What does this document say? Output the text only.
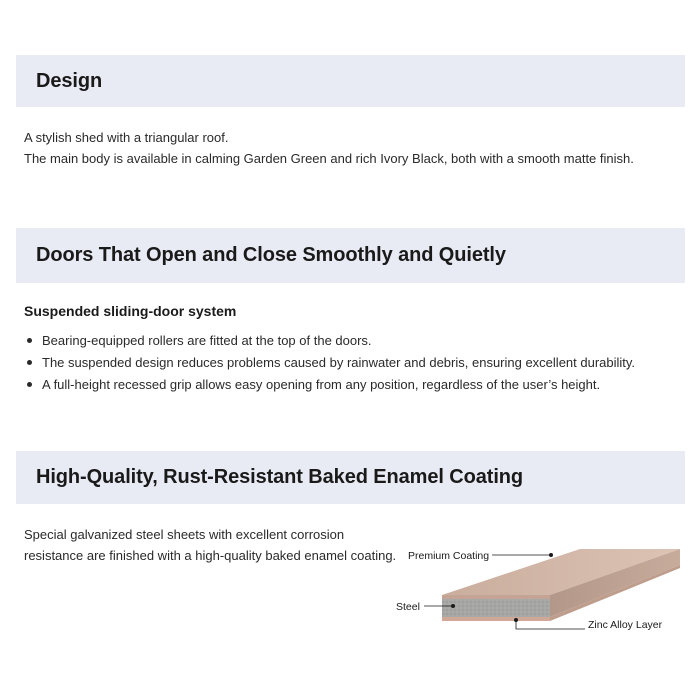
Design
A stylish shed with a triangular roof.
The main body is available in calming Garden Green and rich Ivory Black, both with a smooth matte finish.
Doors That Open and Close Smoothly and Quietly
Suspended sliding-door system
Bearing-equipped rollers are fitted at the top of the doors.
The suspended design reduces problems caused by rainwater and debris, ensuring excellent durability.
A full-height recessed grip allows easy opening from any position, regardless of the user’s height.
High-Quality, Rust-Resistant Baked Enamel Coating
Special galvanized steel sheets with excellent corrosion
resistance are finished with a high-quality baked enamel coating.	Premium Coating
Steel
Zinc Alloy Layer
